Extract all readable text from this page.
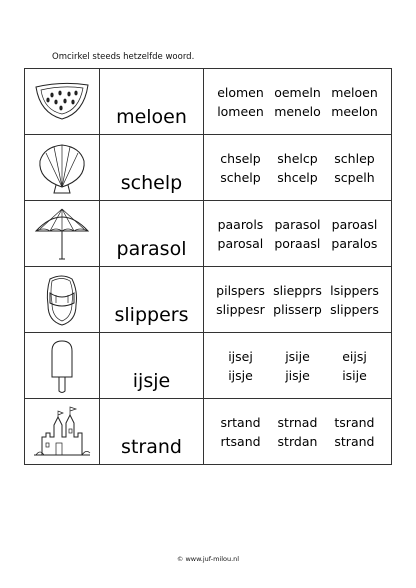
Omcirkel steeds hetzelfde woord.
meloen
elomen oemeln meloen
lomeen menelo meelon
schelp
chselp shelcp schlep
schelp shcelp scpelh
parasol
paarols parasol paroasl
parosal poraasl paralos
slippers
pilspers sliepprs lsippers
slippesr plisserp slippers
ijsje
ijsej	jsije	eijsj
ijsje	jisje	isije
strand
srtand strnad tsrand
rtsand strdan strand
© www.juf-milou.nl
